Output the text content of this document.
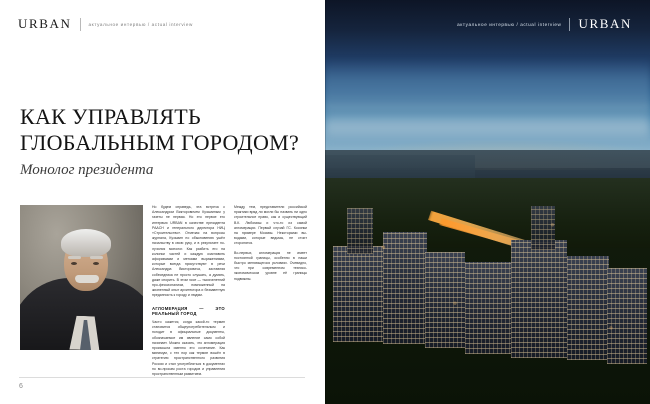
URBAN	актуальное интервью / actual interview
КАК УПРАВЛЯТЬ
ГЛОБАЛЬНЫМ ГОРОДОМ?
Монолог президента

Но будем справедь, эта встреча с Александром Викторовичем Кузьминым у газеты не первая. Но это первое его интервью URBAN в качестве президента РААСН и генерального директора НИЦ «Строительство». Отмечая на вопросы журнала, Кузьмин по обыкновению ушёл начальству в свою руку, и в результате по-лучился монолог. Как разбить его на колонки частей и каждую озаглавить афоризмами и метками выражениями, которые всегда присутствуют в речи Александра Викторовича, заставляя собеседника не просто слушать, а думать, даже спорить. В этом эссе — тысячелетний про-фессионализм, помноженный на жизненный опыт архитектора и беззаветную преданность к городу и людям.

АГЛОМЕРАЦИЯ — ЭТО РЕАЛЬНЫЙ ГОРОД

Часто кажется, когда какой-то термин становится общеупотребительным и погодит в официальные документы, обозначаемое им явление само собой начинает. Можно сказать, что агломерация произошла именно это сочетание. Как минимум, с тех пор как термин вошёл в стратегию пространственного развития России и стал употребляться в документах по во-просам роста городов и управления пространственным развитием.

Между тем, представители российской практики вряд ли могли бы назвать ни одно строительное право, как и существующий В.К. Любомиш и что-то из самой агломерации. Первый случай ГС. Косинки на примере Москвы. Некоторыми вы-водами, которые ведьмы, не стоит сторонятся.

Во-первых, агломерация не имеет постоянной границы, особенно в наши быстро меняющегося условиях. Очевидно, что при современном технико-экономическом уровне её границы подвижны.

6
актуальное интервью / actual interview URBAN
